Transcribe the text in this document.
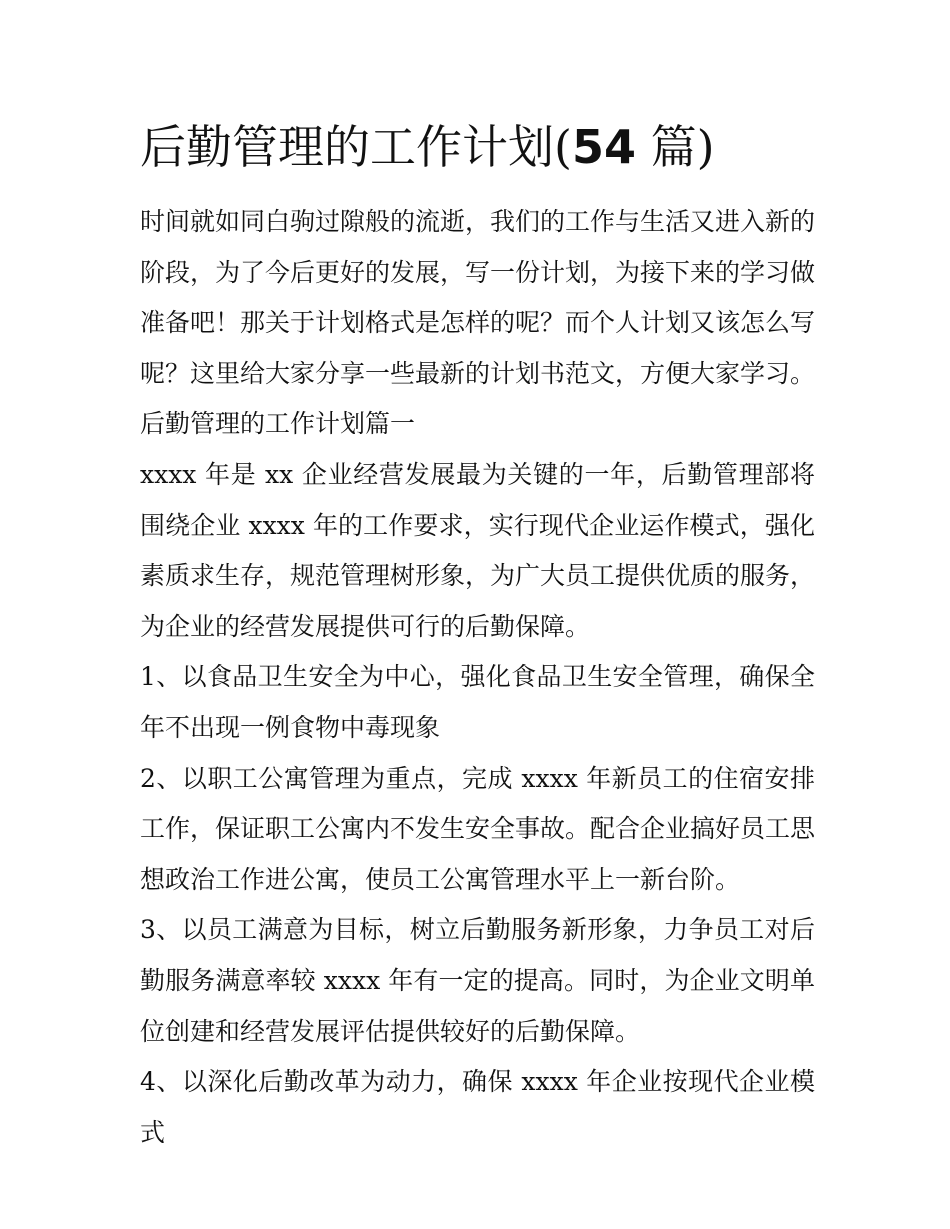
后勤管理的工作计划(54 篇)

时间就如同白驹过隙般的流逝，我们的工作与生活又进入新的阶段，为了今后更好的发展，写一份计划，为接下来的学习做准备吧！那关于计划格式是怎样的呢？而个人计划又该怎么写呢？这里给大家分享一些最新的计划书范文，方便大家学习。

后勤管理的工作计划篇一

xxxx 年是 xx 企业经营发展最为关键的一年，后勤管理部将围绕企业 xxxx 年的工作要求，实行现代企业运作模式，强化素质求生存，规范管理树形象，为广大员工提供优质的服务，为企业的经营发展提供可行的后勤保障。

1、以食品卫生安全为中心，强化食品卫生安全管理，确保全年不出现一例食物中毒现象

2、以职工公寓管理为重点，完成 xxxx 年新员工的住宿安排工作，保证职工公寓内不发生安全事故。配合企业搞好员工思想政治工作进公寓，使员工公寓管理水平上一新台阶。

3、以员工满意为目标，树立后勤服务新形象，力争员工对后勤服务满意率较 xxxx 年有一定的提高。同时，为企业文明单位创建和经营发展评估提供较好的后勤保障。

4、以深化后勤改革为动力，确保 xxxx 年企业按现代企业模式
